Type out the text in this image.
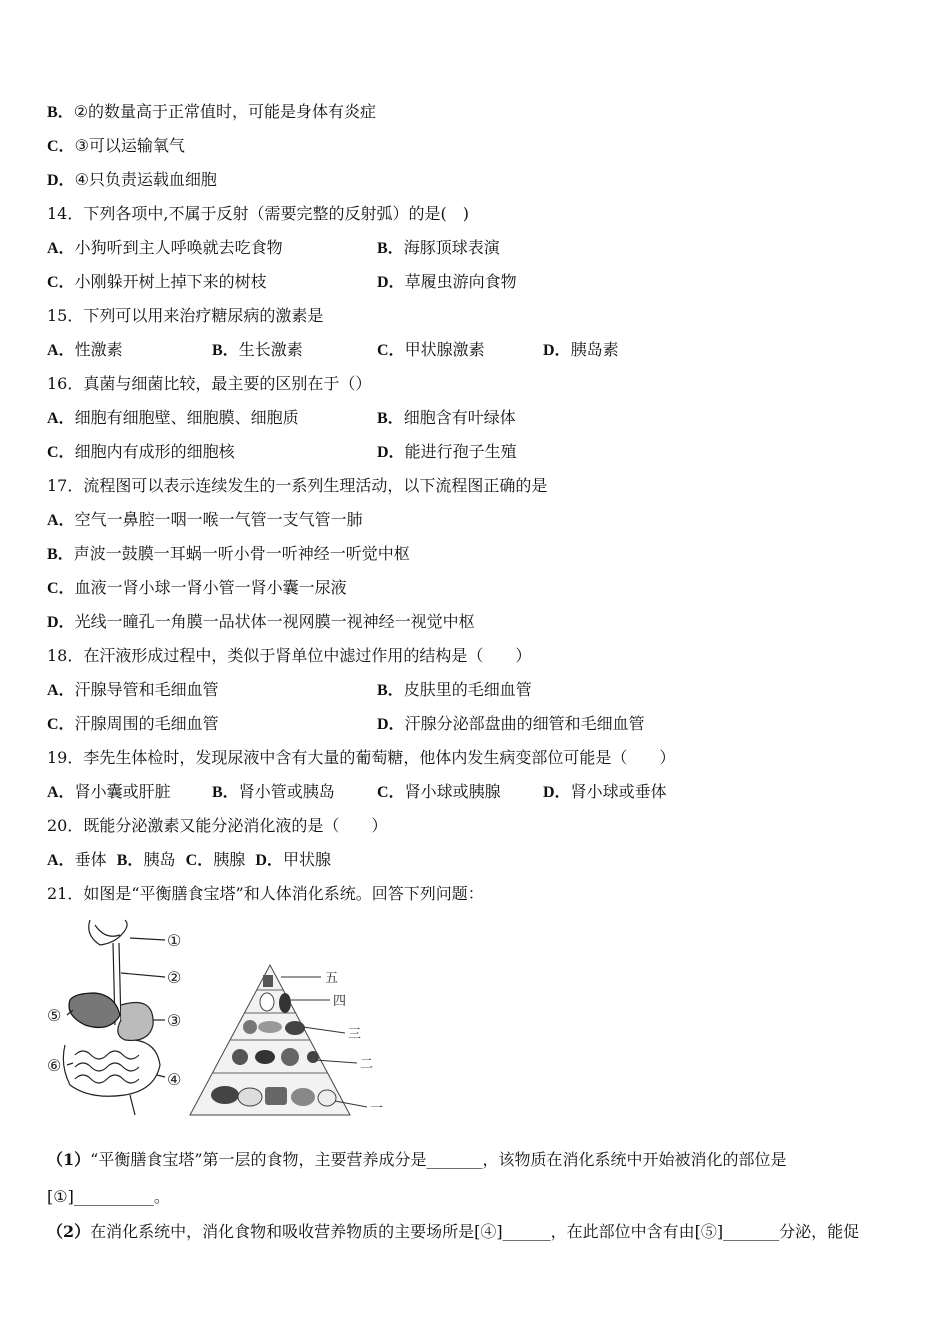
B．②的数量高于正常值时，可能是身体有炎症
C．③可以运输氧气
D．④只负责运载血细胞
14．下列各项中,不属于反射（需要完整的反射弧）的是(　)
A．小狗听到主人呼唤就去吃食物	B．海豚顶球表演
C．小刚躲开树上掉下来的树枝	D．草履虫游向食物
15．下列可以用来治疗糖尿病的激素是
A．性激素	B．生长激素	C．甲状腺激素	D．胰岛素
16．真菌与细菌比较，最主要的区别在于（）
A．细胞有细胞壁、细胞膜、细胞质	B．细胞含有叶绿体
C．细胞内有成形的细胞核	D．能进行孢子生殖
17．流程图可以表示连续发生的一系列生理活动，以下流程图正确的是
A．空气一鼻腔一咽一喉一气管一支气管一肺
B．声波一鼓膜一耳蜗一听小骨一听神经一听觉中枢
C．血液一肾小球一肾小管一肾小囊一尿液
D．光线一瞳孔一角膜一品状体一视网膜一视神经一视觉中枢
18．在汗液形成过程中，类似于肾单位中滤过作用的结构是（　　）
A．汗腺导管和毛细血管	B．皮肤里的毛细血管
C．汗腺周围的毛细血管	D．汗腺分泌部盘曲的细管和毛细血管
19．李先生体检时，发现尿液中含有大量的葡萄糖，他体内发生病变部位可能是（　　）
A．肾小囊或肝脏	B．肾小管或胰岛	C．肾小球或胰腺	D．肾小球或垂体
20．既能分泌激素又能分泌消化液的是（　　）
A．垂体 B．胰岛 C．胰腺 D．甲状腺
21．如图是“平衡膳食宝塔”和人体消化系统。回答下列问题：
①
②
③
④
⑤
⑥
五
四
三
二
一
（1）“平衡膳食宝塔”第一层的食物，主要营养成分是_______，该物质在消化系统中开始被消化的部位是
[①]__________。
（2）在消化系统中，消化食物和吸收营养物质的主要场所是[④]______，在此部位中含有由[⑤]_______分泌，能促
